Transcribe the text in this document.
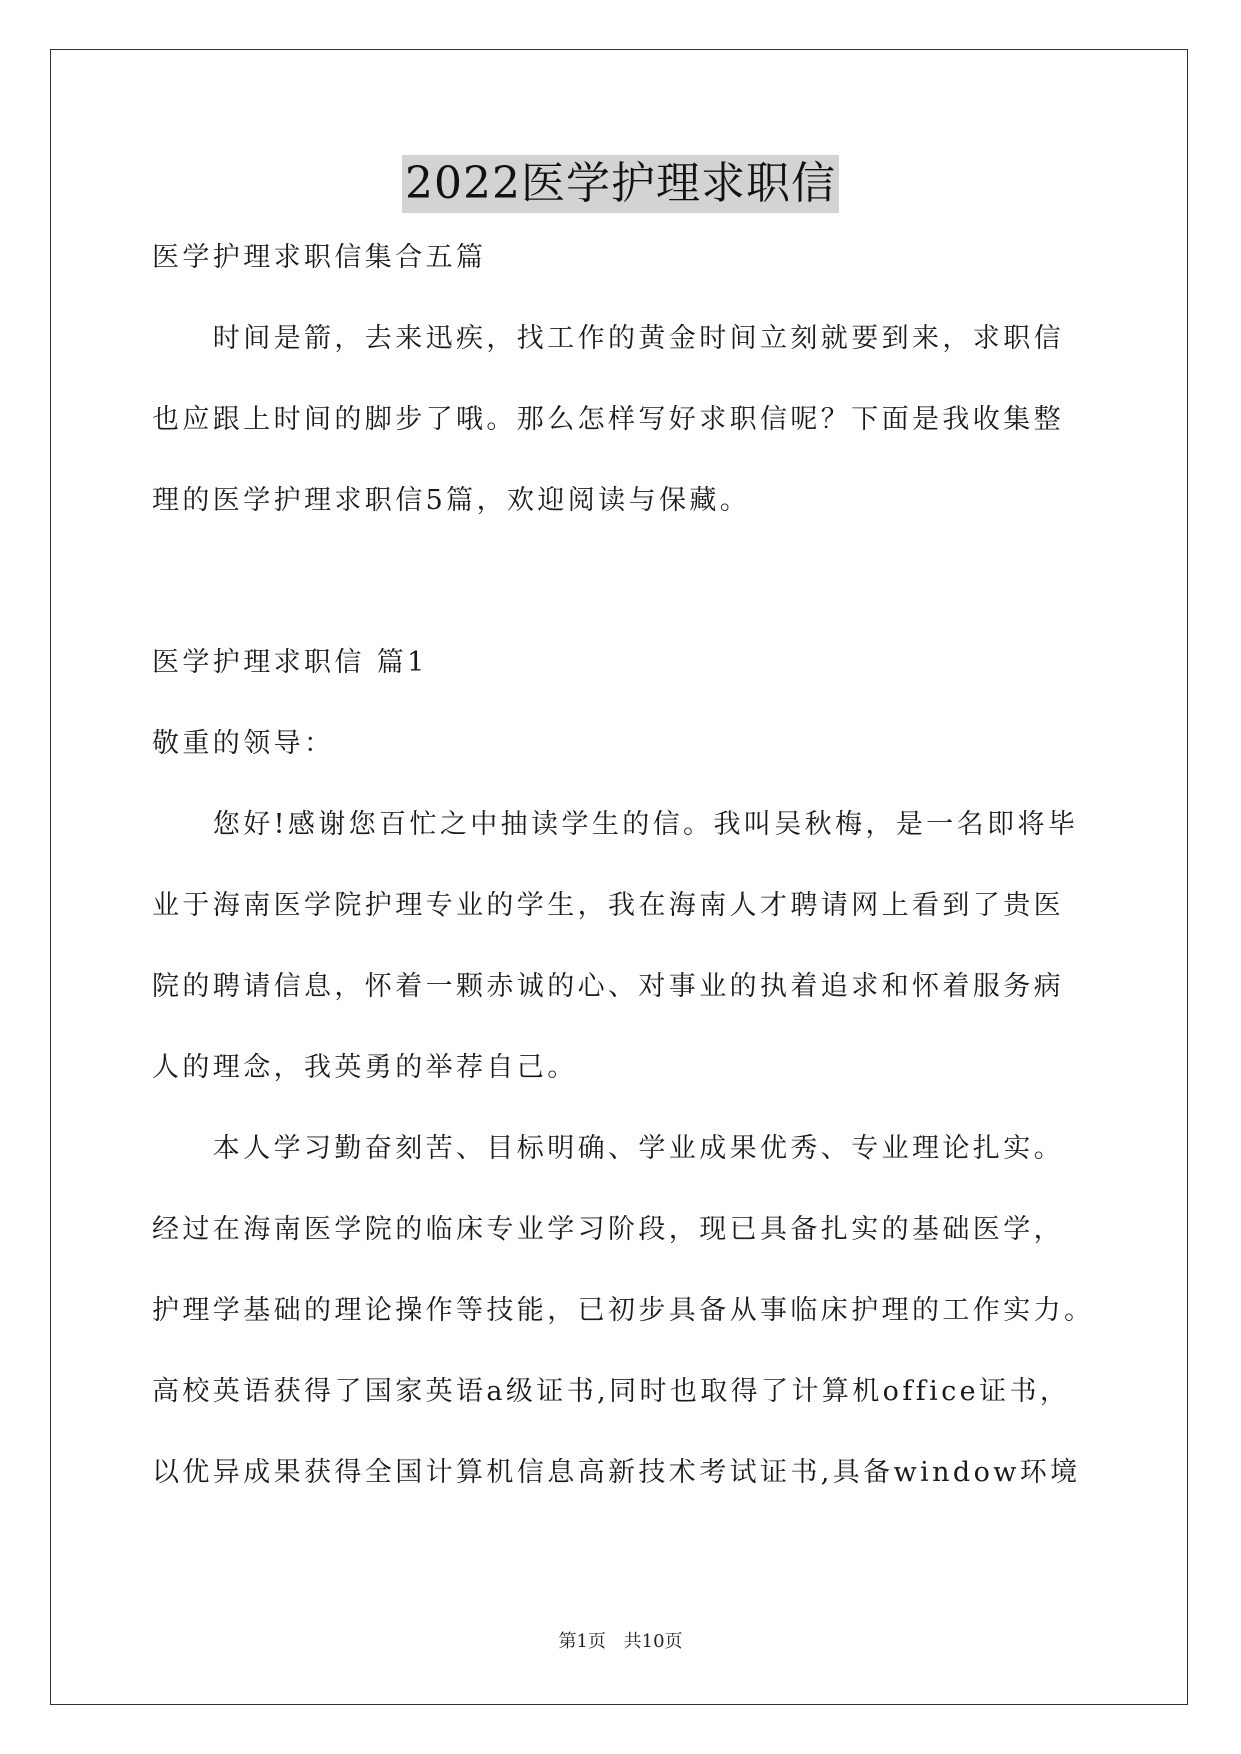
2022医学护理求职信
医学护理求职信集合五篇
　　时间是箭，去来迅疾，找工作的黄金时间立刻就要到来，求职信
也应跟上时间的脚步了哦。那么怎样写好求职信呢？下面是我收集整
理的医学护理求职信5篇，欢迎阅读与保藏。
医学护理求职信 篇1
敬重的领导：
　　您好!感谢您百忙之中抽读学生的信。我叫吴秋梅，是一名即将毕
业于海南医学院护理专业的学生，我在海南人才聘请网上看到了贵医
院的聘请信息，怀着一颗赤诚的心、对事业的执着追求和怀着服务病
人的理念，我英勇的举荐自己。
　　本人学习勤奋刻苦、目标明确、学业成果优秀、专业理论扎实。
经过在海南医学院的临床专业学习阶段，现已具备扎实的基础医学，
护理学基础的理论操作等技能，已初步具备从事临床护理的工作实力。
高校英语获得了国家英语a级证书,同时也取得了计算机office证书，
以优异成果获得全国计算机信息高新技术考试证书,具备window环境
第1页 共10页
